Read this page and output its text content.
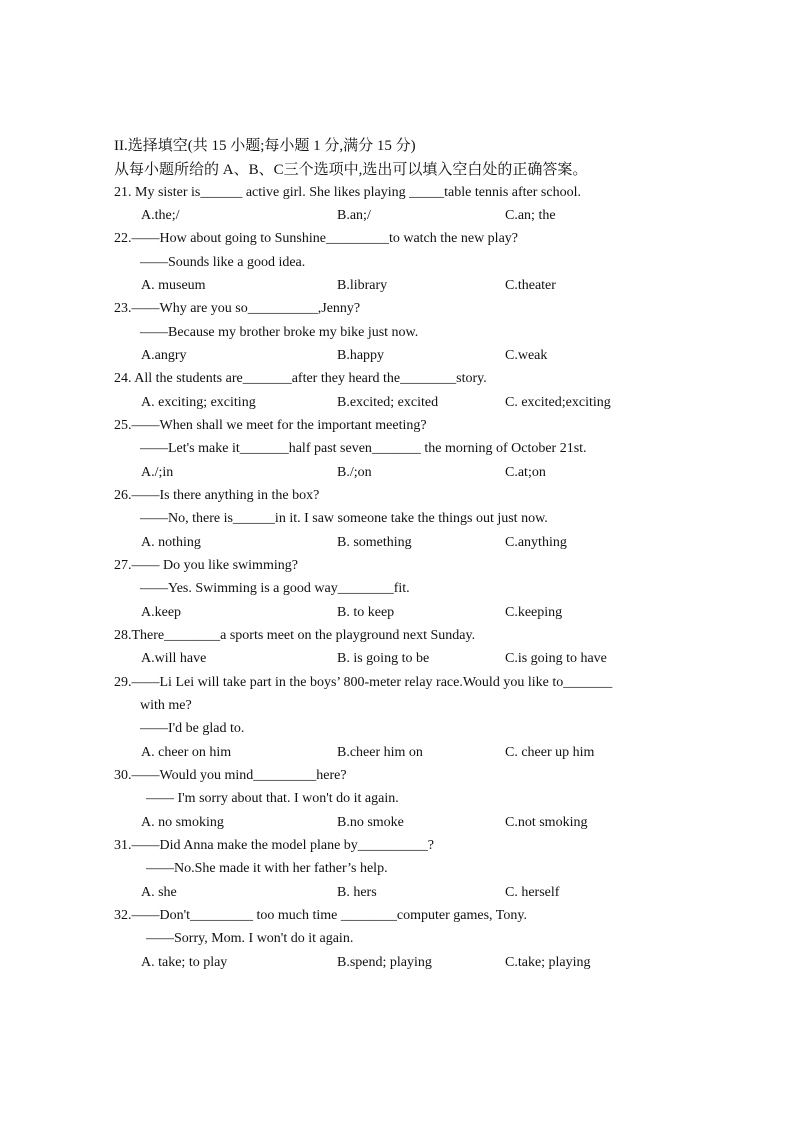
II.选择填空(共 15 小题;每小题 1 分,满分 15 分)
从每小题所给的 A、B、C三个选项中,选出可以填入空白处的正确答案。
21. My sister is______ active girl. She likes playing _____table tennis after school.
A.the;/	B.an;/	C.an; the
22.——How about going to Sunshine_________to watch the new play?
——Sounds like a good idea.
A. museum	B.library	C.theater
23.——Why are you so__________,Jenny?
——Because my brother broke my bike just now.
A.angry	B.happy	C.weak
24. All the students are_______after they heard the________story.
A. exciting; exciting	B.excited; excited	C. excited;exciting
25.——When shall we meet for the important meeting?
——Let's make it_______half past seven_______ the morning of October 21st.
A./;in	B./;on	C.at;on
26.——Is there anything in the box?
——No, there is______in it. I saw someone take the things out just now.
A. nothing	B. something	C.anything
27.—— Do you like swimming?
——Yes. Swimming is a good way________fit.
A.keep	B. to keep	C.keeping
28.There________a sports meet on the playground next Sunday.
A.will have	B. is going to be	C.is going to have
29.——Li Lei will take part in the boys’ 800-meter relay race.Would you like to_______
with me?
——I'd be glad to.
A. cheer on him	B.cheer him on	C. cheer up him
30.——Would you mind_________here?
—— I'm sorry about that. I won't do it again.
A. no smoking	B.no smoke	C.not smoking
31.——Did Anna make the model plane by__________?
——No.She made it with her father’s help.
A. she	B. hers	C. herself
32.——Don't_________ too much time ________computer games, Tony.
——Sorry, Mom. I won't do it again.
A. take; to play	B.spend; playing	C.take; playing
